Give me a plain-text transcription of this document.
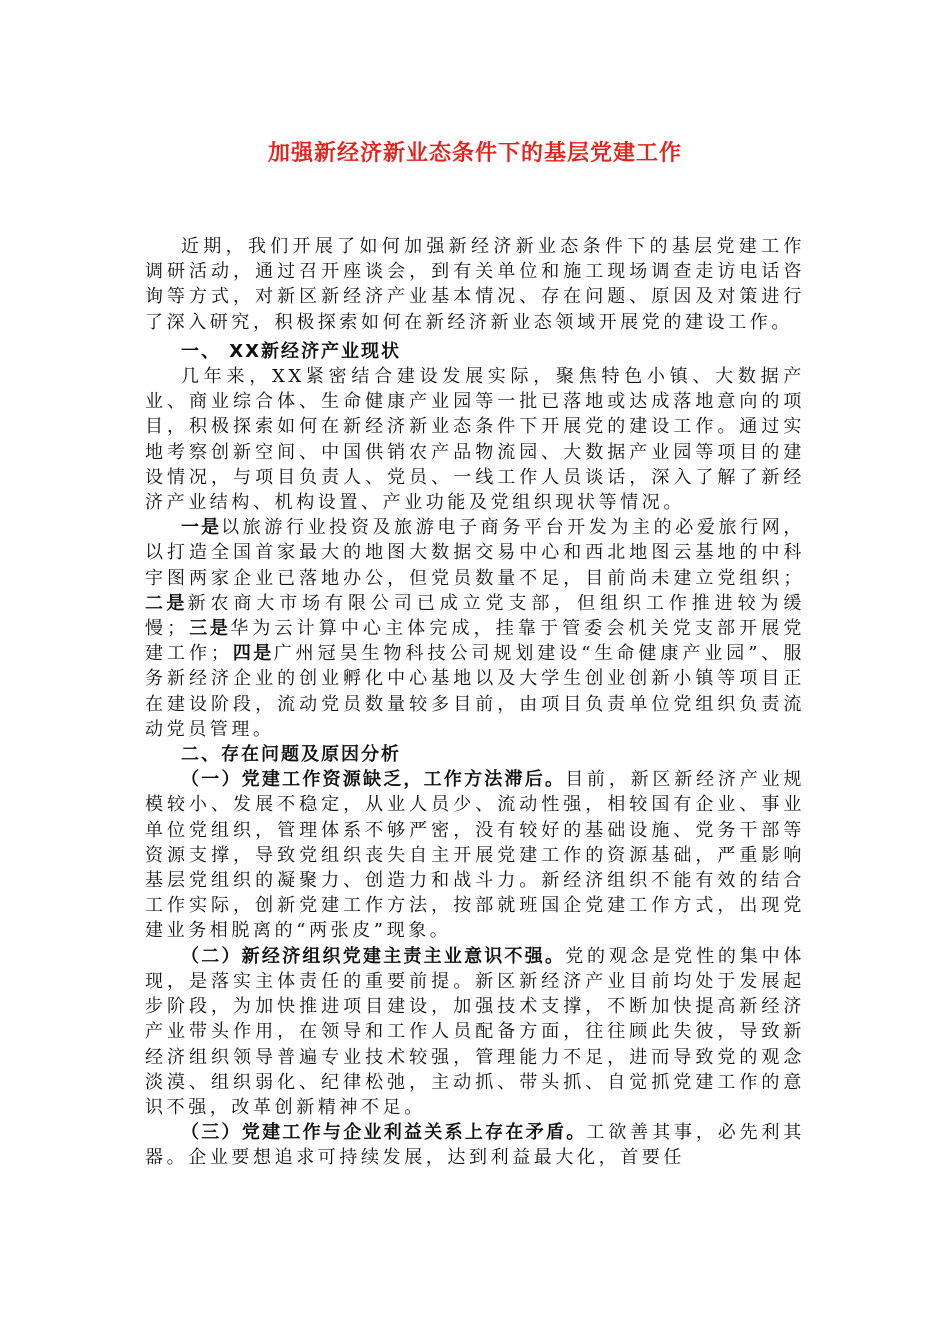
加强新经济新业态条件下的基层党建工作

近期，我们开展了如何加强新经济新业态条件下的基层党建工作调研活动，通过召开座谈会，到有关单位和施工现场调查走访电话咨询等方式，对新区新经济产业基本情况、存在问题、原因及对策进行了深入研究，积极探索如何在新经济新业态领域开展党的建设工作。

一、 XX新经济产业现状

几年来，XX紧密结合建设发展实际，聚焦特色小镇、大数据产业、商业综合体、生命健康产业园等一批已落地或达成落地意向的项目，积极探索如何在新经济新业态条件下开展党的建设工作。通过实地考察创新空间、中国供销农产品物流园、大数据产业园等项目的建设情况，与项目负责人、党员、一线工作人员谈话，深入了解了新经济产业结构、机构设置、产业功能及党组织现状等情况。

一是以旅游行业投资及旅游电子商务平台开发为主的必爱旅行网，以打造全国首家最大的地图大数据交易中心和西北地图云基地的中科宇图两家企业已落地办公，但党员数量不足，目前尚未建立党组织；二是新农商大市场有限公司已成立党支部，但组织工作推进较为缓慢；三是华为云计算中心主体完成，挂靠于管委会机关党支部开展党建工作；四是广州冠昊生物科技公司规划建设“生命健康产业园”、服务新经济企业的创业孵化中心基地以及大学生创业创新小镇等项目正在建设阶段，流动党员数量较多目前，由项目负责单位党组织负责流动党员管理。

二、存在问题及原因分析

（一）党建工作资源缺乏，工作方法滞后。目前，新区新经济产业规模较小、发展不稳定，从业人员少、流动性强，相较国有企业、事业单位党组织，管理体系不够严密，没有较好的基础设施、党务干部等资源支撑，导致党组织丧失自主开展党建工作的资源基础，严重影响基层党组织的凝聚力、创造力和战斗力。新经济组织不能有效的结合工作实际，创新党建工作方法，按部就班国企党建工作方式，出现党建业务相脱离的“两张皮”现象。

（二）新经济组织党建主责主业意识不强。党的观念是党性的集中体现，是落实主体责任的重要前提。新区新经济产业目前均处于发展起步阶段，为加快推进项目建设，加强技术支撑，不断加快提高新经济产业带头作用，在领导和工作人员配备方面，往往顾此失彼，导致新经济组织领导普遍专业技术较强，管理能力不足，进而导致党的观念淡漠、组织弱化、纪律松弛，主动抓、带头抓、自觉抓党建工作的意识不强，改革创新精神不足。

（三）党建工作与企业利益关系上存在矛盾。工欲善其事，必先利其器。企业要想追求可持续发展，达到利益最大化，首要任
